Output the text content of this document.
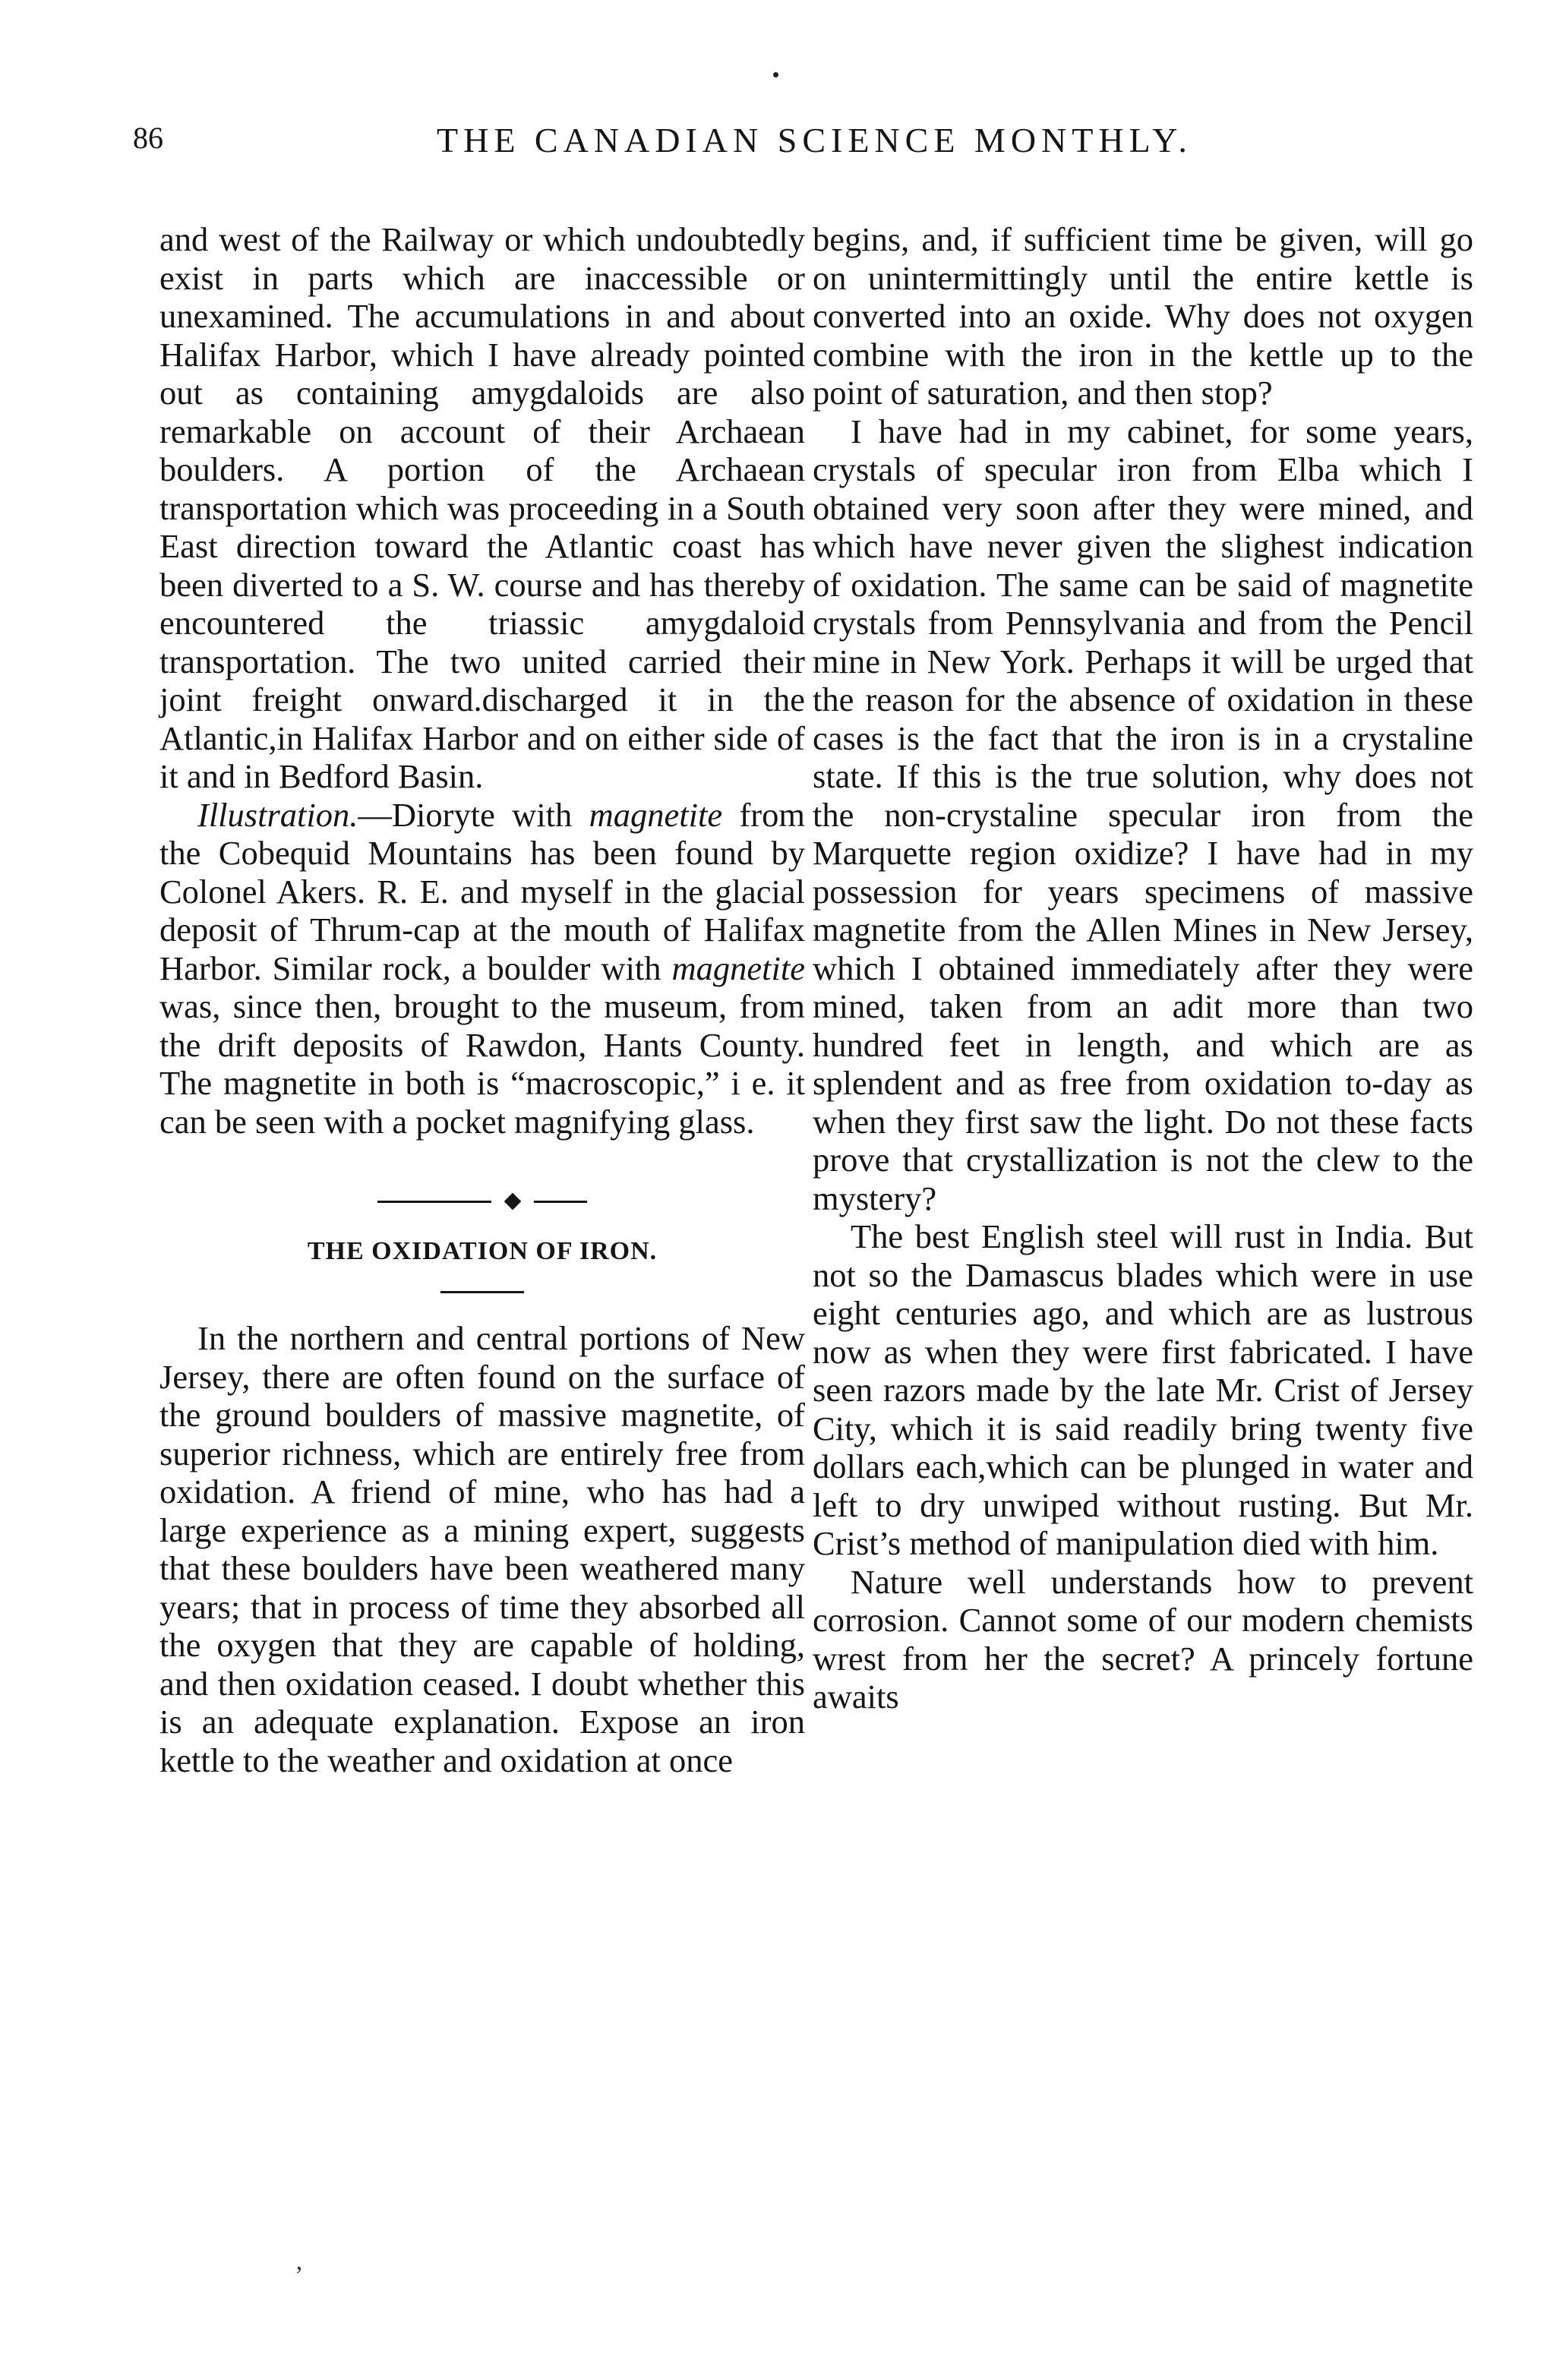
86	THE CANADIAN SCIENCE MONTHLY.

and west of the Railway or which undoubtedly exist in parts which are inaccessible or unexamined. The accumulations in and about Halifax Harbor, which I have already pointed out as containing amygdaloids are also remarkable on account of their Archaean boulders. A portion of the Archaean transportation which was proceeding in a South East direction toward the Atlantic coast has been diverted to a S. W. course and has thereby encountered the triassic amygdaloid transportation. The two united carried their joint freight onward.discharged it in the Atlantic,in Halifax Harbor and on either side of it and in Bedford Basin.

Illustration.—Dioryte with magnetite from the Cobequid Mountains has been found by Colonel Akers. R. E. and myself in the glacial deposit of Thrum-cap at the mouth of Halifax Harbor. Similar rock, a boulder with magnetite was, since then, brought to the museum, from the drift deposits of Rawdon, Hants County. The magnetite in both is “macroscopic,” i e. it can be seen with a pocket magnifying glass.

THE OXIDATION OF IRON.

In the northern and central portions of New Jersey, there are often found on the surface of the ground boulders of massive magnetite, of superior richness, which are entirely free from oxidation. A friend of mine, who has had a large experience as a mining expert, suggests that these boulders have been weathered many years; that in process of time they absorbed all the oxygen that they are capable of holding, and then oxidation ceased. I doubt whether this is an adequate explanation. Expose an iron kettle to the weather and oxidation at once

begins, and, if sufficient time be given, will go on unintermittingly until the entire kettle is converted into an oxide. Why does not oxygen combine with the iron in the kettle up to the point of saturation, and then stop?

I have had in my cabinet, for some years, crystals of specular iron from Elba which I obtained very soon after they were mined, and which have never given the slighest indication of oxidation. The same can be said of magnetite crystals from Pennsylvania and from the Pencil mine in New York. Perhaps it will be urged that the reason for the absence of oxidation in these cases is the fact that the iron is in a crystaline state. If this is the true solution, why does not the non-crystaline specular iron from the Marquette region oxidize? I have had in my possession for years specimens of massive magnetite from the Allen Mines in New Jersey, which I obtained immediately after they were mined, taken from an adit more than two hundred feet in length, and which are as splendent and as free from oxidation to-day as when they first saw the light. Do not these facts prove that crystallization is not the clew to the mystery?

The best English steel will rust in India. But not so the Damascus blades which were in use eight centuries ago, and which are as lustrous now as when they were first fabricated. I have seen razors made by the late Mr. Crist of Jersey City, which it is said readily bring twenty five dollars each,which can be plunged in water and left to dry unwiped without rusting. But Mr. Crist’s method of manipulation died with him.

Nature well understands how to prevent corrosion. Cannot some of our modern chemists wrest from her the secret? A princely fortune awaits

’
